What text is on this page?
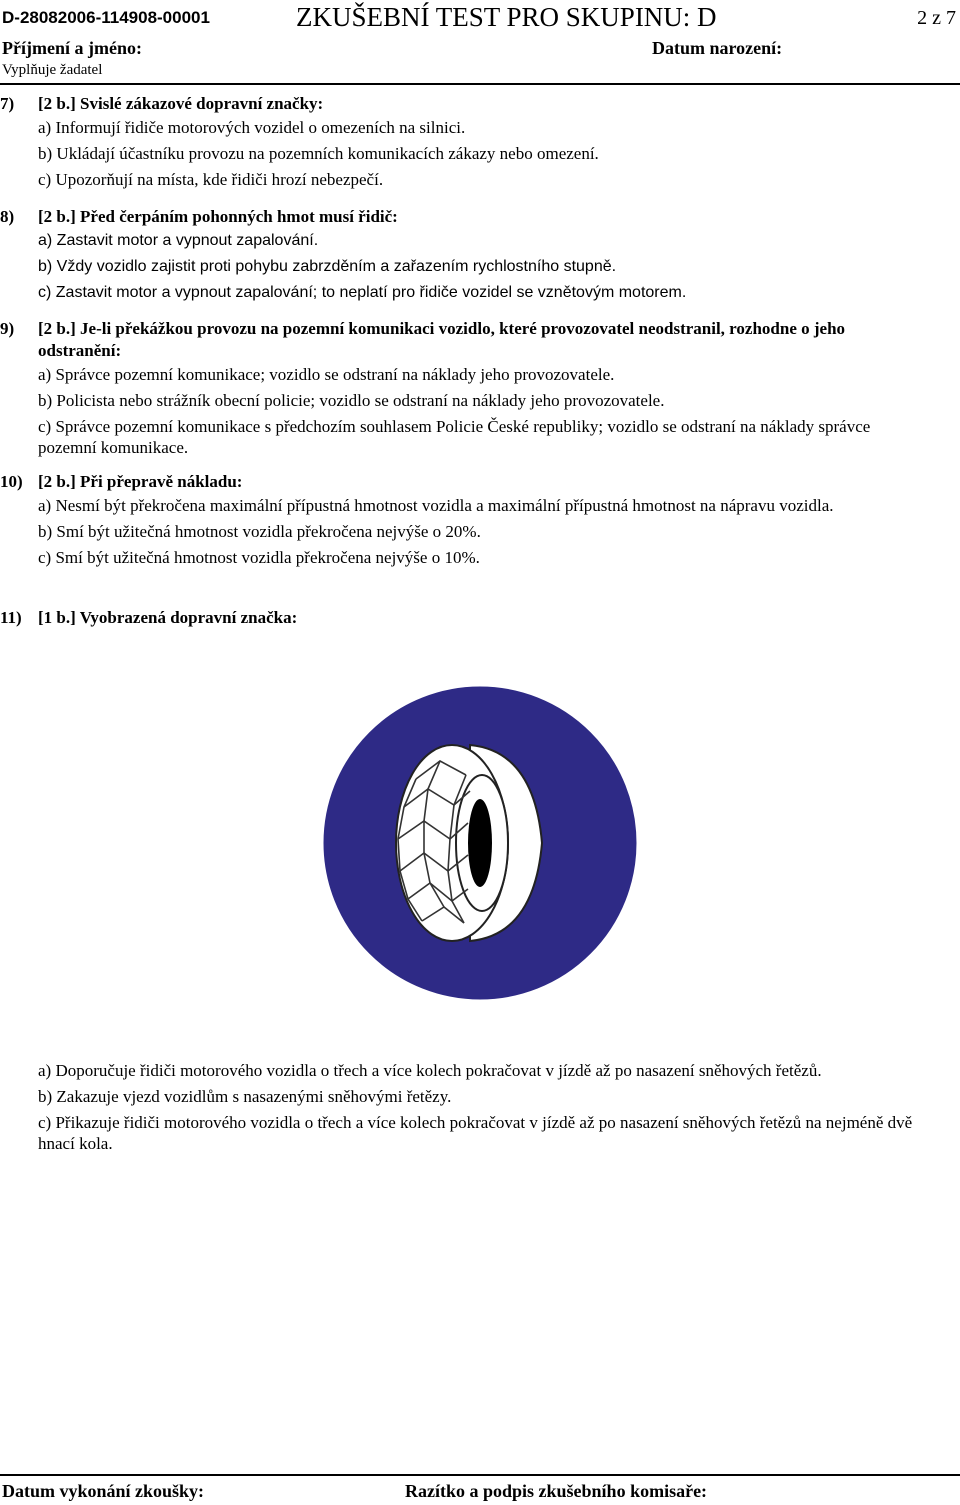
D-28082006-114908-00001	ZKUŠEBNÍ TEST PRO SKUPINU: D	2 z 7
Příjmení a jméno:	Datum narození:
Vyplňuje žadatel
7) [2 b.] Svislé zákazové dopravní značky:
a) Informují řidiče motorových vozidel o omezeních na silnici.
b) Ukládají účastníku provozu na pozemních komunikacích zákazy nebo omezení.
c) Upozorňují na místa, kde řidiči hrozí nebezpečí.
8) [2 b.] Před čerpáním pohonných hmot musí řidič:
a) Zastavit motor a vypnout zapalování.
b) Vždy vozidlo zajistit proti pohybu zabrzděním a zařazením rychlostního stupně.
c) Zastavit motor a vypnout zapalování; to neplatí pro řidiče vozidel se vznětovým motorem.
9) [2 b.] Je-li překážkou provozu na pozemní komunikaci vozidlo, které provozovatel neodstranil, rozhodne o jeho odstranění:
a) Správce pozemní komunikace; vozidlo se odstraní na náklady jeho provozovatele.
b) Policista nebo strážník obecní policie; vozidlo se odstraní na náklady jeho provozovatele.
c) Správce pozemní komunikace s předchozím souhlasem Policie České republiky; vozidlo se odstraní na náklady správce pozemní komunikace.
10) [2 b.] Při přepravě nákladu:
a) Nesmí být překročena maximální přípustná hmotnost vozidla a maximální přípustná hmotnost na nápravu vozidla.
b) Smí být užitečná hmotnost vozidla překročena nejvýše o 20%.
c) Smí být užitečná hmotnost vozidla překročena nejvýše o 10%.
11) [1 b.] Vyobrazená dopravní značka:
a) Doporučuje řidiči motorového vozidla o třech a více kolech pokračovat v jízdě až po nasazení sněhových řetězů.
b) Zakazuje vjezd vozidlům s nasazenými sněhovými řetězy.
c) Přikazuje řidiči motorového vozidla o třech a více kolech pokračovat v jízdě až po nasazení sněhových řetězů na nejméně dvě hnací kola.
Datum vykonání zkoušky:	Razítko a podpis zkušebního komisaře:
